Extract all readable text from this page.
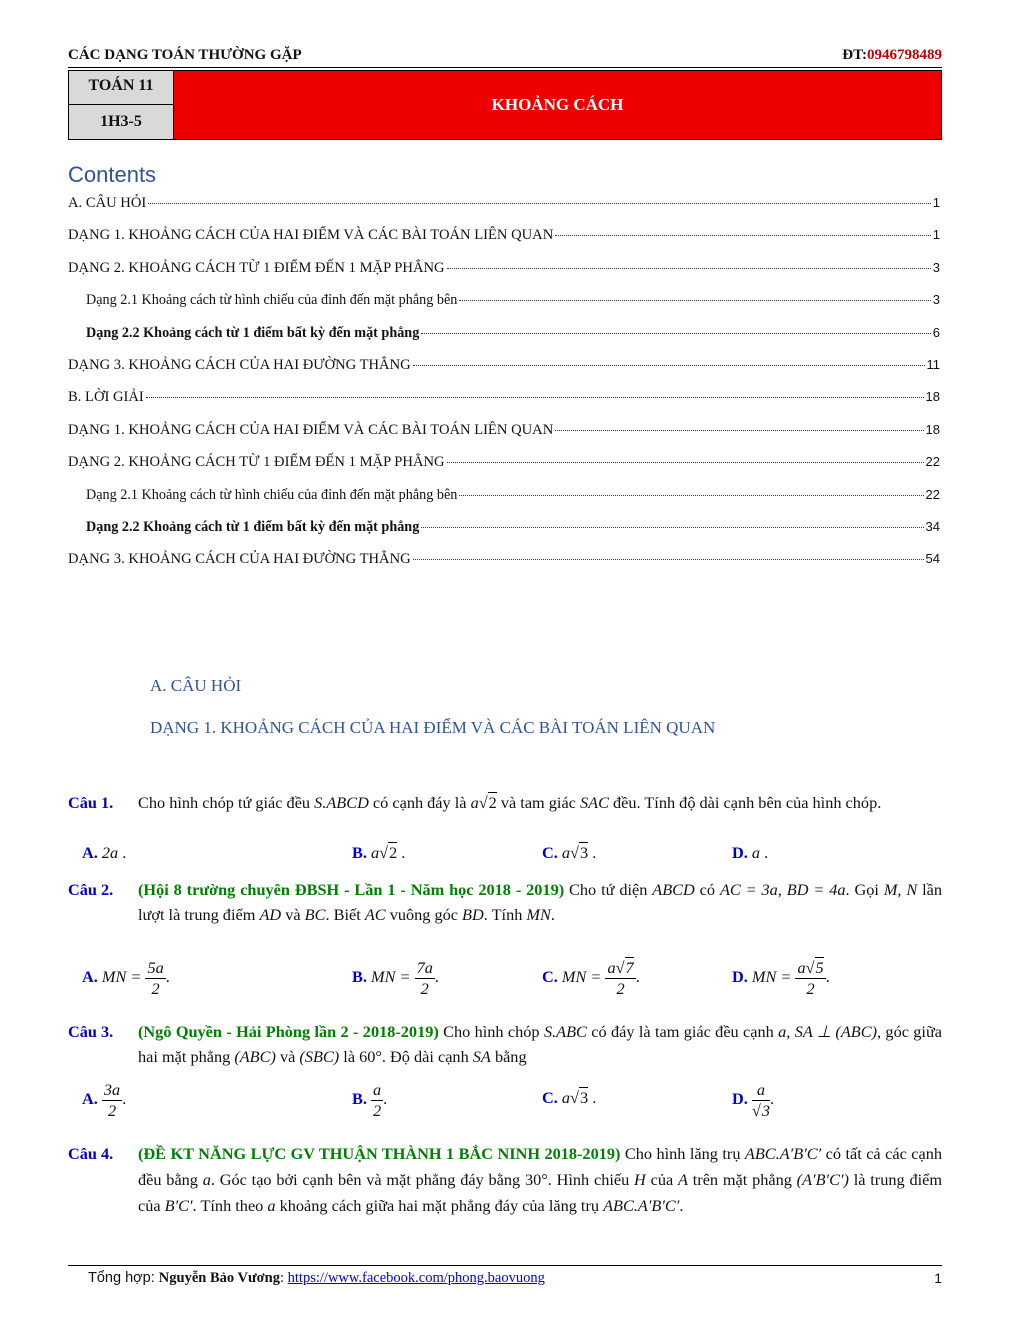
CÁC DẠNG TOÁN THƯỜNG GẶP	ĐT:0946798489
TOÁN 11
1H3-5
KHOẢNG CÁCH
Contents
A. CÂU HỎI	1
DẠNG 1. KHOẢNG CÁCH CỦA HAI ĐIỂM VÀ CÁC BÀI TOÁN LIÊN QUAN	1
DẠNG 2. KHOẢNG CÁCH TỪ 1 ĐIỂM ĐẾN 1 MẶP PHẲNG	3
Dạng 2.1 Khoảng cách từ hình chiếu của đỉnh đến mặt phẳng bên	3
Dạng 2.2 Khoảng cách từ 1 điểm bất kỳ đến mặt phẳng	6
DẠNG 3. KHOẢNG CÁCH CỦA HAI ĐƯỜNG THẲNG	11
B. LỜI GIẢI	18
DẠNG 1. KHOẢNG CÁCH CỦA HAI ĐIỂM VÀ CÁC BÀI TOÁN LIÊN QUAN	18
DẠNG 2. KHOẢNG CÁCH TỪ 1 ĐIỂM ĐẾN 1 MẶP PHẲNG	22
Dạng 2.1 Khoảng cách từ hình chiếu của đỉnh đến mặt phẳng bên	22
Dạng 2.2 Khoảng cách từ 1 điểm bất kỳ đến mặt phẳng	34
DẠNG 3. KHOẢNG CÁCH CỦA HAI ĐƯỜNG THẲNG	54
A. CÂU HỎI
DẠNG 1. KHOẢNG CÁCH CỦA HAI ĐIỂM VÀ CÁC BÀI TOÁN LIÊN QUAN
Câu 1. Cho hình chóp tứ giác đều S.ABCD có cạnh đáy là a√2 và tam giác SAC đều. Tính độ dài cạnh bên của hình chóp.
A. 2a .	B. a√2 .	C. a√3 .	D. a .
Câu 2. (Hội 8 trường chuyên ĐBSH - Lần 1 - Năm học 2018 - 2019) Cho tứ diện ABCD có AC = 3a, BD = 4a. Gọi M, N lần lượt là trung điểm AD và BC. Biết AC vuông góc BD. Tính MN.
A. MN = $\frac{5a}{2}$ .	B. MN = $\frac{7a}{2}$ .	C. MN = $\frac{a√7}{2}$ .	D. MN = $\frac{a√5}{2}$ .
Câu 3. (Ngô Quyền - Hải Phòng lần 2 - 2018-2019) Cho hình chóp S.ABC có đáy là tam giác đều cạnh a, SA ⊥ (ABC), góc giữa hai mặt phẳng (ABC) và (SBC) là 60°. Độ dài cạnh SA bằng
A. $\frac{3a}{2}$ .	B. $\frac{a}{2}$ .	C. a√3 .	D. $\frac{a}{√3}$ .
Câu 4. (ĐỀ KT NĂNG LỰC GV THUẬN THÀNH 1 BẮC NINH 2018-2019) Cho hình lăng trụ ABC.A′B′C′ có tất cả các cạnh đều bằng a. Góc tạo bởi cạnh bên và mặt phẳng đáy bằng 30°. Hình chiếu H của A trên mặt phẳng (A′B′C′) là trung điểm của B′C′. Tính theo a khoảng cách giữa hai mặt phẳng đáy của lăng trụ ABC.A′B′C′.
Tổng hợp: Nguyễn Bảo Vương: https://www.facebook.com/phong.baovuong	1
